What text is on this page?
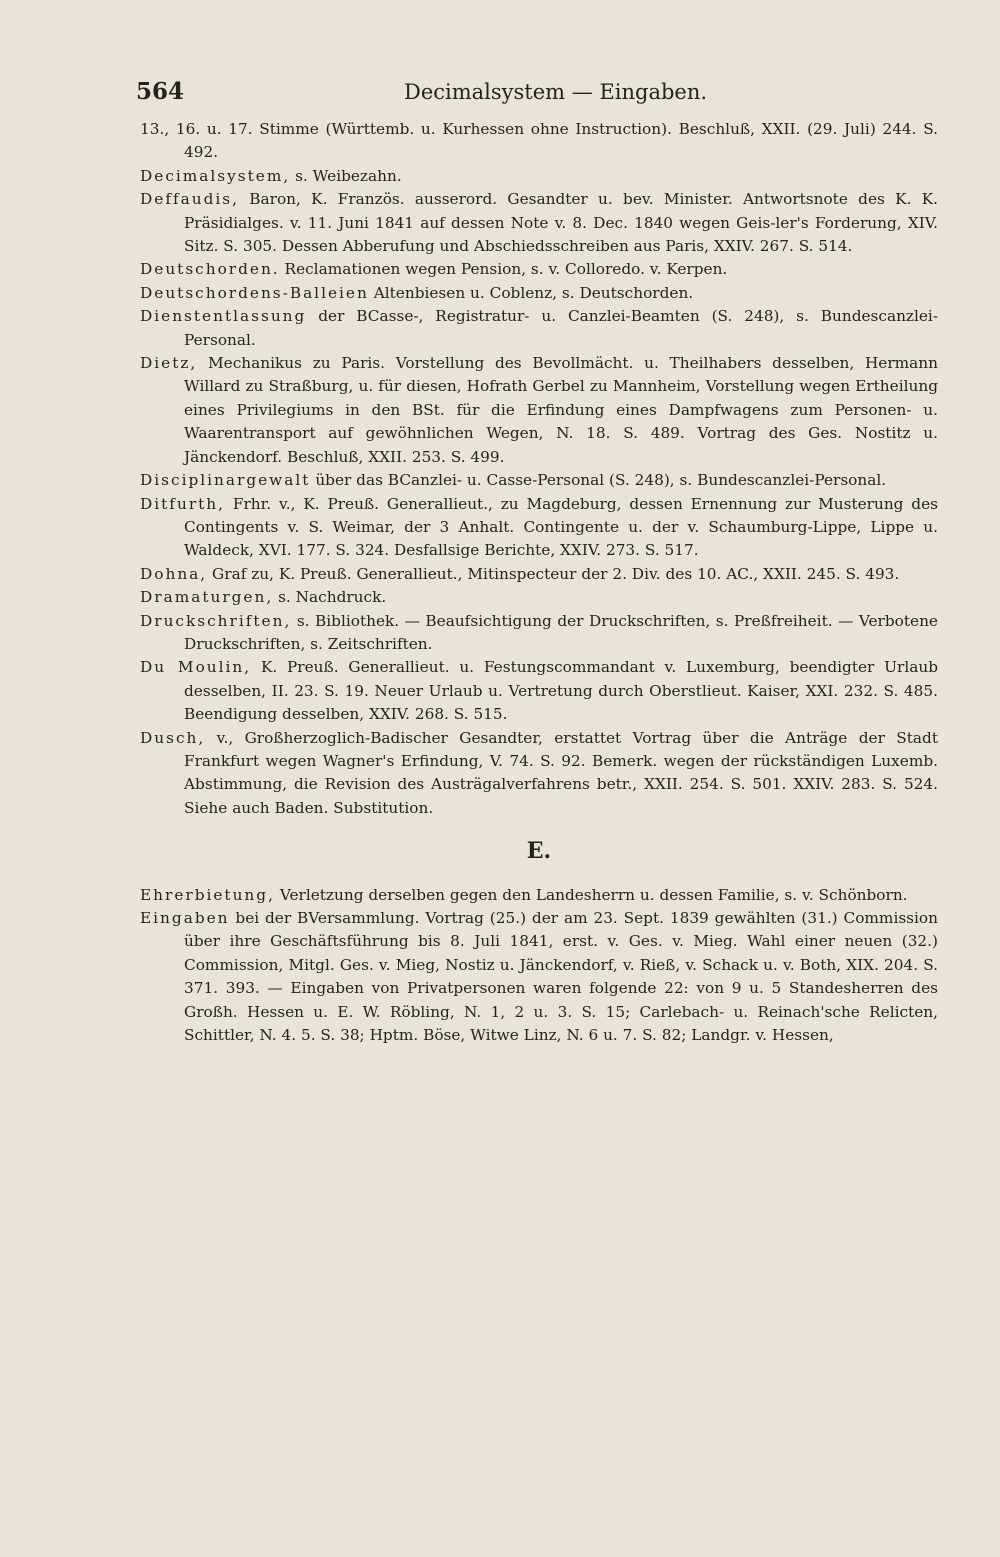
564	Decimalsystem — Eingaben.

13., 16. u. 17. Stimme (Württemb. u. Kurhessen ohne Instruction). Beschluß, XXII. (29. Juli) 244. S. 492.

Decimalsystem, s. Weibezahn.

Deffaudis, Baron, K. Französ. ausserord. Gesandter u. bev. Minister. Antwortsnote des K. K. Präsidialges. v. 11. Juni 1841 auf dessen Note v. 8. Dec. 1840 wegen Geis-ler's Forderung, XIV. Sitz. S. 305. Dessen Abberufung und Abschiedsschreiben aus Paris, XXIV. 267. S. 514.

Deutschorden. Reclamationen wegen Pension, s. v. Colloredo. v. Kerpen.

Deutschordens-Balleien Altenbiesen u. Coblenz, s. Deutschorden.

Dienstentlassung der BCasse-, Registratur- u. Canzlei-Beamten (S. 248), s. Bundescanzlei-Personal.

Dietz, Mechanikus zu Paris. Vorstellung des Bevollmächt. u. Theilhabers desselben, Hermann Willard zu Straßburg, u. für diesen, Hofrath Gerbel zu Mannheim, Vorstellung wegen Ertheilung eines Privilegiums in den BSt. für die Erfindung eines Dampfwagens zum Personen- u. Waarentransport auf gewöhnlichen Wegen, N. 18. S. 489. Vortrag des Ges. Nostitz u. Jänckendorf. Beschluß, XXII. 253. S. 499.

Disciplinargewalt über das BCanzlei- u. Casse-Personal (S. 248), s. Bundescanzlei-Personal.

Ditfurth, Frhr. v., K. Preuß. Generallieut., zu Magdeburg, dessen Ernennung zur Musterung des Contingents v. S. Weimar, der 3 Anhalt. Contingente u. der v. Schaumburg-Lippe, Lippe u. Waldeck, XVI. 177. S. 324. Desfallsige Berichte, XXIV. 273. S. 517.

Dohna, Graf zu, K. Preuß. Generallieut., Mitinspecteur der 2. Div. des 10. AC., XXII. 245. S. 493.

Dramaturgen, s. Nachdruck.

Druckschriften, s. Bibliothek. — Beaufsichtigung der Druckschriften, s. Preßfreiheit. — Verbotene Druckschriften, s. Zeitschriften.

Du Moulin, K. Preuß. Generallieut. u. Festungscommandant v. Luxemburg, beendigter Urlaub desselben, II. 23. S. 19. Neuer Urlaub u. Vertretung durch Oberstlieut. Kaiser, XXI. 232. S. 485. Beendigung desselben, XXIV. 268. S. 515.

Dusch, v., Großherzoglich-Badischer Gesandter, erstattet Vortrag über die Anträge der Stadt Frankfurt wegen Wagner's Erfindung, V. 74. S. 92. Bemerk. wegen der rückständigen Luxemb. Abstimmung, die Revision des Austrägalverfahrens betr., XXII. 254. S. 501. XXIV. 283. S. 524. Siehe auch Baden. Substitution.

E.

Ehrerbietung, Verletzung derselben gegen den Landesherrn u. dessen Familie, s. v. Schönborn.

Eingaben bei der BVersammlung. Vortrag (25.) der am 23. Sept. 1839 gewählten (31.) Commission über ihre Geschäftsführung bis 8. Juli 1841, erst. v. Ges. v. Mieg. Wahl einer neuen (32.) Commission, Mitgl. Ges. v. Mieg, Nostiz u. Jänckendorf, v. Rieß, v. Schack u. v. Both, XIX. 204. S. 371. 393. — Eingaben von Privatpersonen waren folgende 22: von 9 u. 5 Standesherren des Großh. Hessen u. E. W. Röbling, N. 1, 2 u. 3. S. 15; Carlebach- u. Reinach'sche Relicten, Schittler, N. 4. 5. S. 38; Hptm. Böse, Witwe Linz, N. 6 u. 7. S. 82; Landgr. v. Hessen,
